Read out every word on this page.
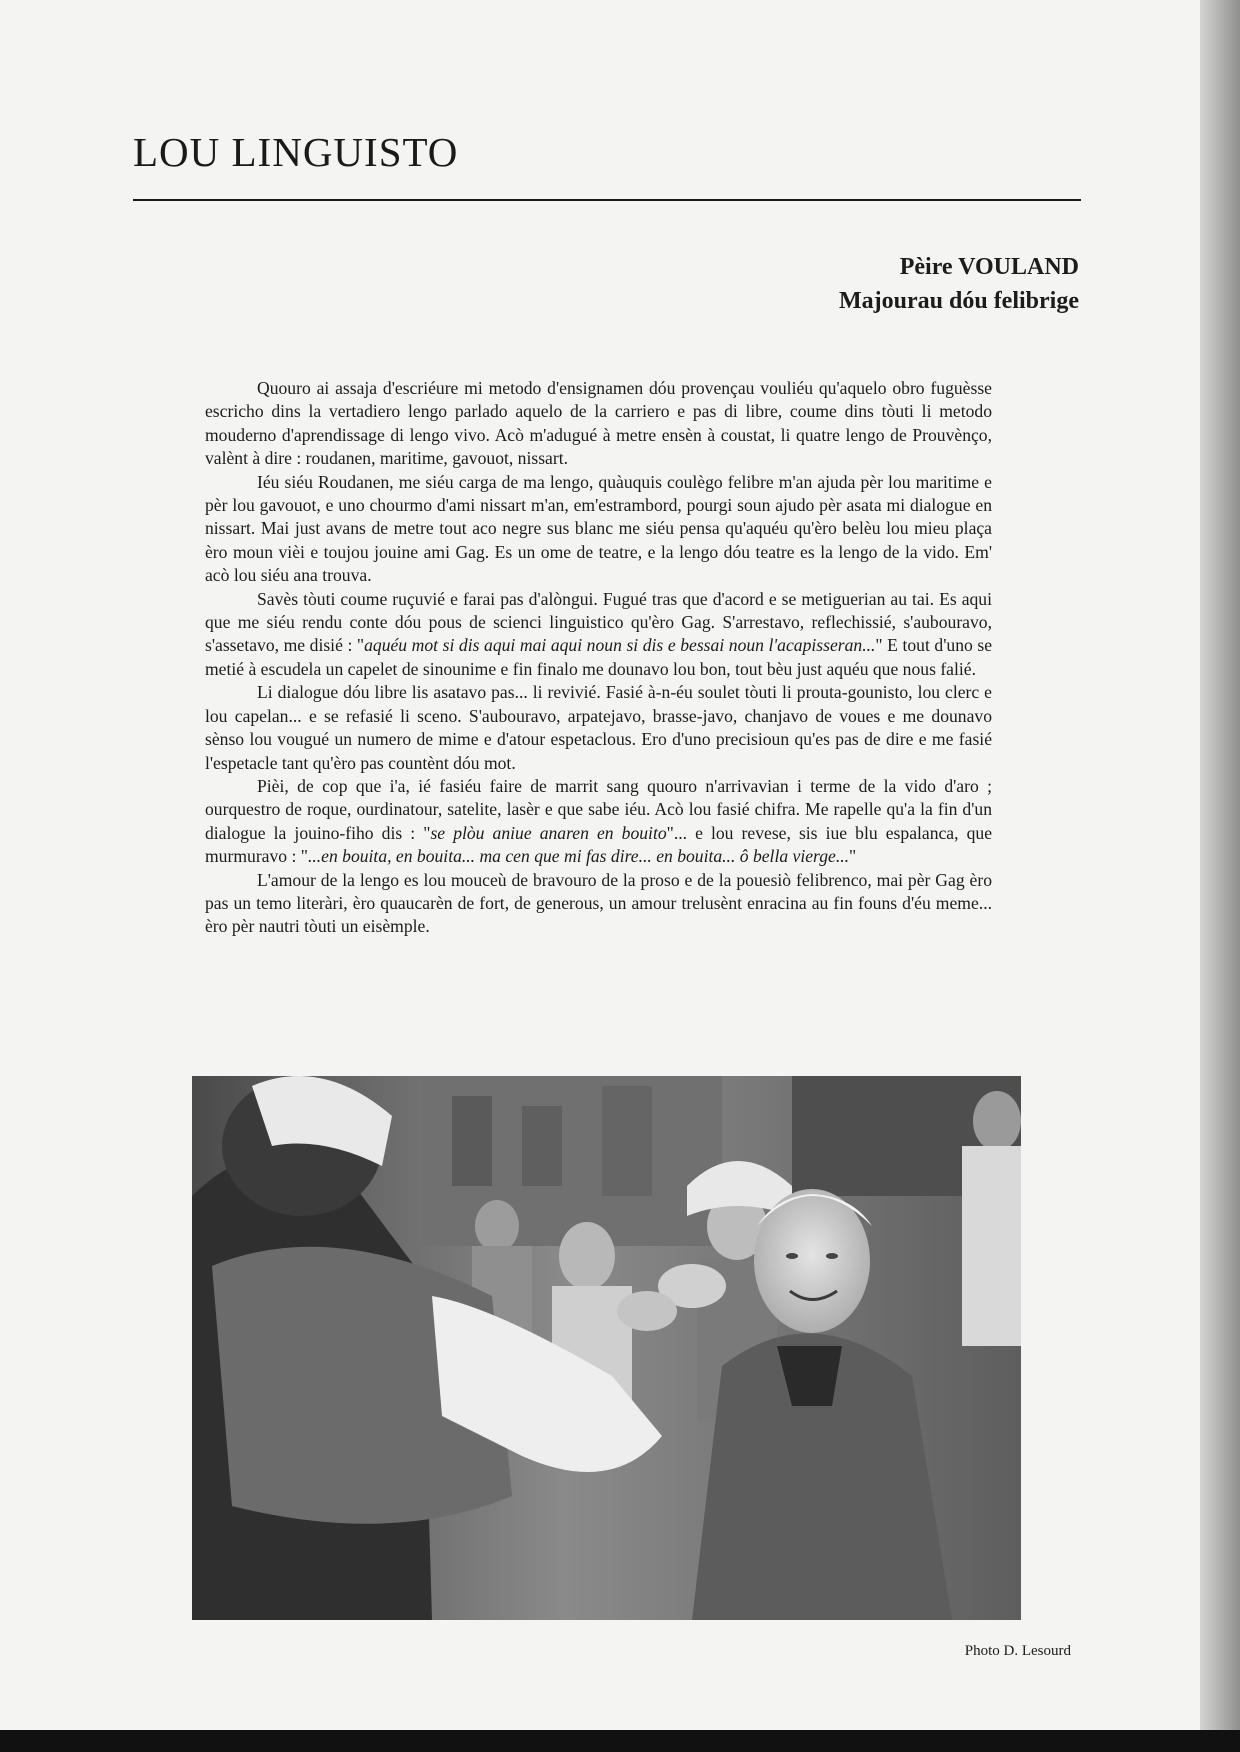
LOU LINGUISTO
Pèire VOULAND
Majourau dóu felibrige

Quouro ai assaja d'escriéure mi metodo d'ensignamen dóu provençau vouliéu qu'aquelo obro fuguèsse escricho dins la vertadiero lengo parlado aquelo de la carriero e pas di libre, coume dins tòuti li metodo mouderno d'aprendissage di lengo vivo. Acò m'adugué à metre ensèn à coustat, li quatre lengo de Prouvènço, valènt à dire : roudanen, maritime, gavouot, nissart.

Iéu siéu Roudanen, me siéu carga de ma lengo, quàuquis coulègo felibre m'an ajuda pèr lou maritime e pèr lou gavouot, e uno chourmo d'ami nissart m'an, em'estrambord, pourgi soun ajudo pèr asata mi dialogue en nissart. Mai just avans de metre tout aco negre sus blanc me siéu pensa qu'aquéu qu'èro belèu lou mieu plaça èro moun vièi e toujou jouine ami Gag. Es un ome de teatre, e la lengo dóu teatre es la lengo de la vido. Em' acò lou siéu ana trouva.

Savès tòuti coume ruçuvié e farai pas d'alòngui. Fugué tras que d'acord e se metiguerian au tai. Es aqui que me siéu rendu conte dóu pous de scienci linguistico qu'èro Gag. S'arrestavo, reflechissié, s'aubouravo, s'assetavo, me disié : "aquéu mot si dis aqui mai aqui noun si dis e bessai noun l'acapisseran..." E tout d'uno se metié à escudela un capelet de sinounime e fin finalo me dounavo lou bon, tout bèu just aquéu que nous falié.

Li dialogue dóu libre lis asatavo pas... li revivié. Fasié à-n-éu soulet tòuti li prouta-gounisto, lou clerc e lou capelan... e se refasié li sceno. S'aubouravo, arpatejavo, brasse-javo, chanjavo de voues e me dounavo sènso lou vougué un numero de mime e d'atour espetaclous. Ero d'uno precisioun qu'es pas de dire e me fasié l'espetacle tant qu'èro pas countènt dóu mot.

Pièi, de cop que i'a, ié fasiéu faire de marrit sang quouro n'arrivavian i terme de la vido d'aro ; ourquestro de roque, ourdinatour, satelite, lasèr e que sabe iéu. Acò lou fasié chifra. Me rapelle qu'a la fin d'un dialogue la jouino-fiho dis : "se plòu aniue anaren en bouito"... e lou revese, sis iue blu espalanca, que murmuravo : "...en bouita, en bouita... ma cen que mi fas dire... en bouita... ô bella vierge..."

L'amour de la lengo es lou mouceù de bravouro de la proso e de la pouesiò felibrenco, mai pèr Gag èro pas un temo literàri, èro quaucarèn de fort, de generous, un amour trelusènt enracina au fin founs d'éu meme... èro pèr nautri tòuti un eisèmple.

Photo D. Lesourd
